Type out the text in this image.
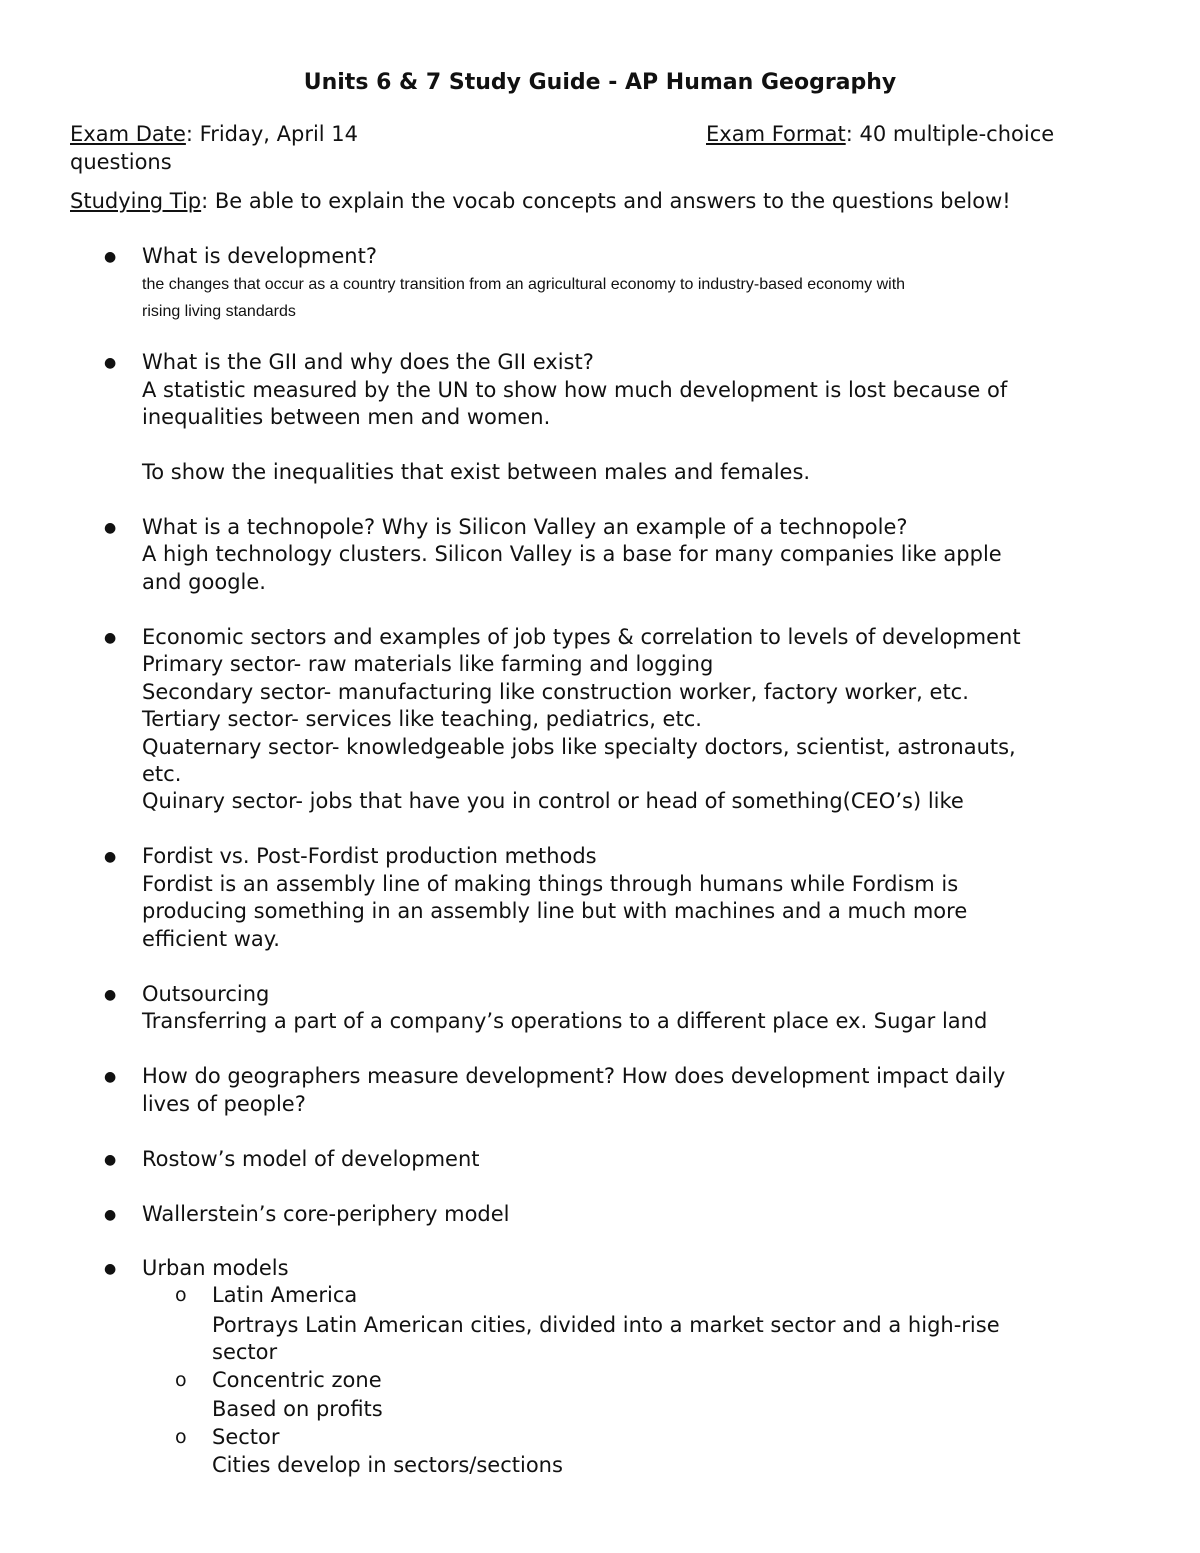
Units 6 & 7 Study Guide - AP Human Geography
Exam Date: Friday, April 14	Exam Format: 40 multiple-choice
questions
Studying Tip: Be able to explain the vocab concepts and answers to the questions below!
● What is development?
the changes that occur as a country transition from an agricultural economy to industry-based economy with
rising living standards
● What is the GII and why does the GII exist?
A statistic measured by the UN to show how much development is lost because of
inequalities between men and women.
To show the inequalities that exist between males and females.
● What is a technopole? Why is Silicon Valley an example of a technopole?
A high technology clusters. Silicon Valley is a base for many companies like apple
and google.
● Economic sectors and examples of job types & correlation to levels of development
Primary sector- raw materials like farming and logging
Secondary sector- manufacturing like construction worker, factory worker, etc.
Tertiary sector- services like teaching, pediatrics, etc.
Quaternary sector- knowledgeable jobs like specialty doctors, scientist, astronauts,
etc.
Quinary sector- jobs that have you in control or head of something(CEO’s) like
● Fordist vs. Post-Fordist production methods
Fordist is an assembly line of making things through humans while Fordism is
producing something in an assembly line but with machines and a much more
efficient way.
● Outsourcing
Transferring a part of a company’s operations to a different place ex. Sugar land
● How do geographers measure development? How does development impact daily
lives of people?
● Rostow’s model of development
● Wallerstein’s core-periphery model
● Urban models
o Latin America
Portrays Latin American cities, divided into a market sector and a high-rise
sector
o Concentric zone
Based on profits
o Sector
Cities develop in sectors/sections
